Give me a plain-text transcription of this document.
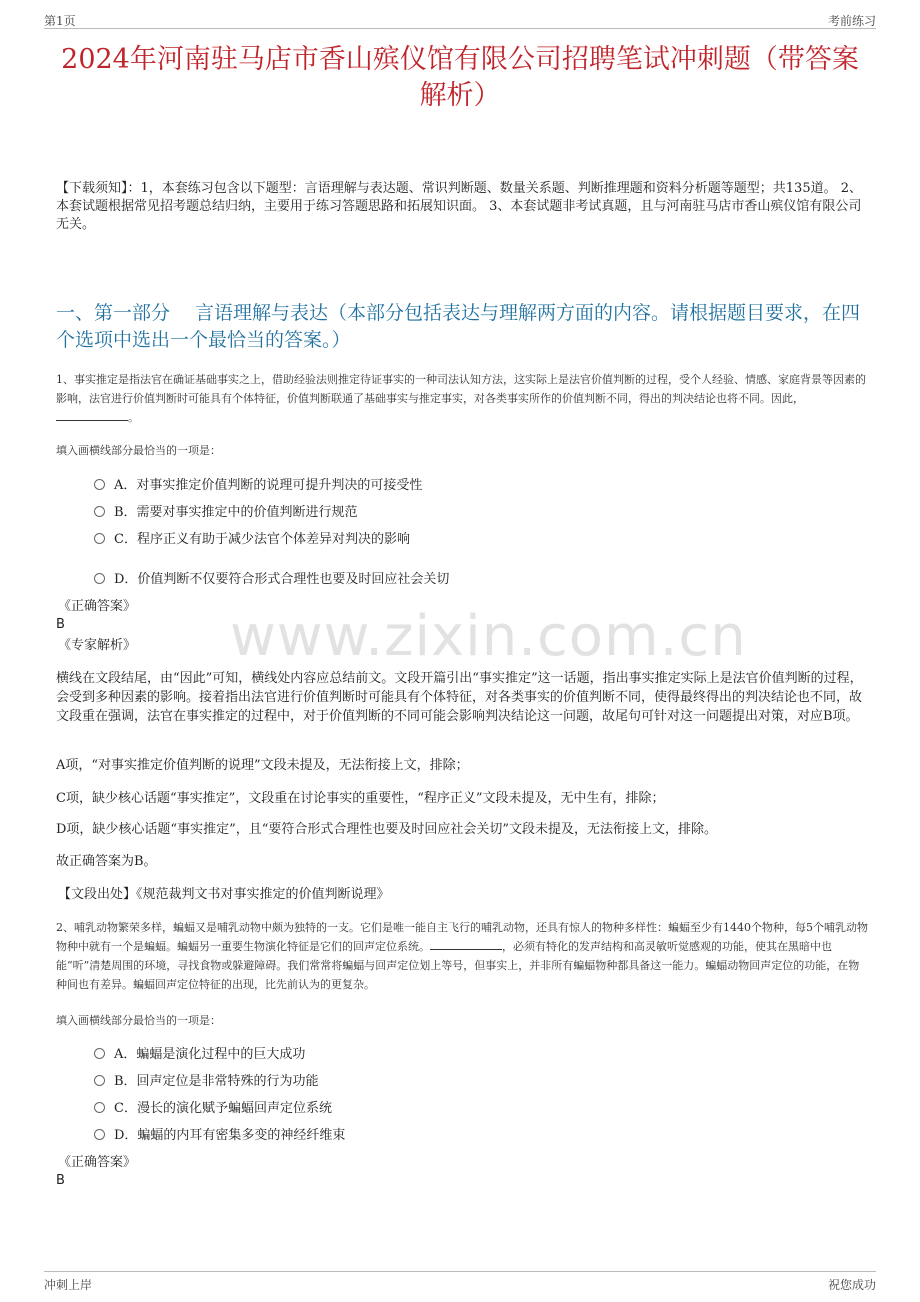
第1页	考前练习
2024年河南驻马店市香山殡仪馆有限公司招聘笔试冲刺题（带答案解析）

【下载须知】：1，本套练习包含以下题型：言语理解与表达题、常识判断题、数量关系题、判断推理题和资料分析题等题型；共135道。 2、本套试题根据常见招考题总结归纳，主要用于练习答题思路和拓展知识面。 3、本套试题非考试真题，且与河南驻马店市香山殡仪馆有限公司无关。

一、第一部分　 言语理解与表达（本部分包括表达与理解两方面的内容。请根据题目要求，在四个选项中选出一个最恰当的答案。）

1、事实推定是指法官在确证基础事实之上，借助经验法则推定待证事实的一种司法认知方法，这实际上是法官价值判断的过程，受个人经验、情感、家庭背景等因素的影响，法官进行价值判断时可能具有个体特征，价值判断联通了基础事实与推定事实，对各类事实所作的价值判断不同，得出的判决结论也将不同。因此，。

填入画横线部分最恰当的一项是：

A．对事实推定价值判断的说理可提升判决的可接受性
B．需要对事实推定中的价值判断进行规范
C．程序正义有助于减少法官个体差异对判决的影响
D．价值判断不仅要符合形式合理性也要及时回应社会关切
《正确答案》
B
《专家解析》 www.zixin.com.cn

横线在文段结尾，由“因此”可知，横线处内容应总结前文。文段开篇引出“事实推定”这一话题，指出事实推定实际上是法官价值判断的过程，会受到多种因素的影响。接着指出法官进行价值判断时可能具有个体特征，对各类事实的价值判断不同，使得最终得出的判决结论也不同，故文段重在强调，法官在事实推定的过程中，对于价值判断的不同可能会影响判决结论这一问题，故尾句可针对这一问题提出对策，对应B项。

A项，“对事实推定价值判断的说理”文段未提及，无法衔接上文，排除；

C项，缺少核心话题“事实推定”，文段重在讨论事实的重要性，“程序正义”文段未提及，无中生有，排除；

D项，缺少核心话题“事实推定”，且“要符合形式合理性也要及时回应社会关切”文段未提及，无法衔接上文，排除。

故正确答案为B。

【文段出处】《规范裁判文书对事实推定的价值判断说理》

2、哺乳动物繁荣多样，蝙蝠又是哺乳动物中颇为独特的一支。它们是唯一能自主飞行的哺乳动物，还具有惊人的物种多样性：蝙蝠至少有1440个物种，每5个哺乳动物物种中就有一个是蝙蝠。蝙蝠另一重要生物演化特征是它们的回声定位系统。	，必须有特化的发声结构和高灵敏听觉感观的功能，使其在黑暗中也能“听”清楚周围的环境，寻找食物或躲避障碍。我们常常将蝙蝠与回声定位划上等号，但事实上，并非所有蝙蝠物种都具备这一能力。蝙蝠动物回声定位的功能，在物种间也有差异。蝙蝠回声定位特征的出现，比先前认为的更复杂。

填入画横线部分最恰当的一项是：

A．蝙蝠是演化过程中的巨大成功
B．回声定位是非常特殊的行为功能
C．漫长的演化赋予蝙蝠回声定位系统
D．蝙蝠的内耳有密集多变的神经纤维束
《正确答案》
B
冲刺上岸	祝您成功
